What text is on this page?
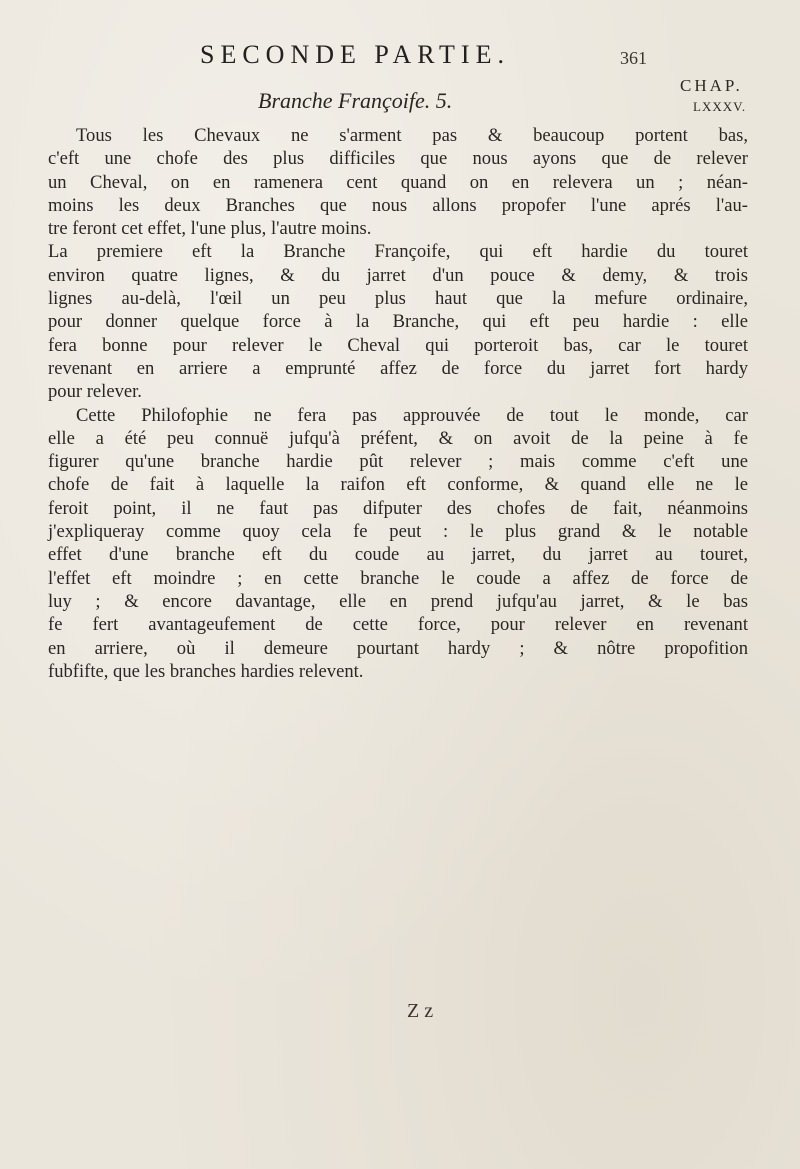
SECONDE PARTIE.	361
CHAP.
LXXXV.
Branche Françoife. 5.
Tous les Chevaux ne s'arment pas & beaucoup portent bas,
c'eft une chofe des plus difficiles que nous ayons que de relever
un Cheval, on en ramenera cent quand on en relevera un ; néan-
moins les deux Branches que nous allons propofer l'une aprés l'au-
tre feront cet effet, l'une plus, l'autre moins.
La premiere eft la Branche Françoife, qui eft hardie du touret
environ quatre lignes, & du jarret d'un pouce & demy, & trois
lignes au-delà, l'œil un peu plus haut que la mefure ordinaire,
pour donner quelque force à la Branche, qui eft peu hardie : elle
fera bonne pour relever le Cheval qui porteroit bas, car le touret
revenant en arriere a emprunté affez de force du jarret fort hardy
pour relever.
Cette Philofophie ne fera pas approuvée de tout le monde, car
elle a été peu connuë jufqu'à préfent, & on avoit de la peine à fe
figurer qu'une branche hardie pût relever ; mais comme c'eft une
chofe de fait à laquelle la raifon eft conforme, & quand elle ne le
feroit point, il ne faut pas difputer des chofes de fait, néanmoins
j'expliqueray comme quoy cela fe peut : le plus grand & le notable
effet d'une branche eft du coude au jarret, du jarret au touret,
l'effet eft moindre ; en cette branche le coude a affez de force de
luy ; & encore davantage, elle en prend jufqu'au jarret, & le bas
fe fert avantageufement de cette force, pour relever en revenant
en arriere, où il demeure pourtant hardy ; & nôtre propofition
fubfifte, que les branches hardies relevent.
Z z
